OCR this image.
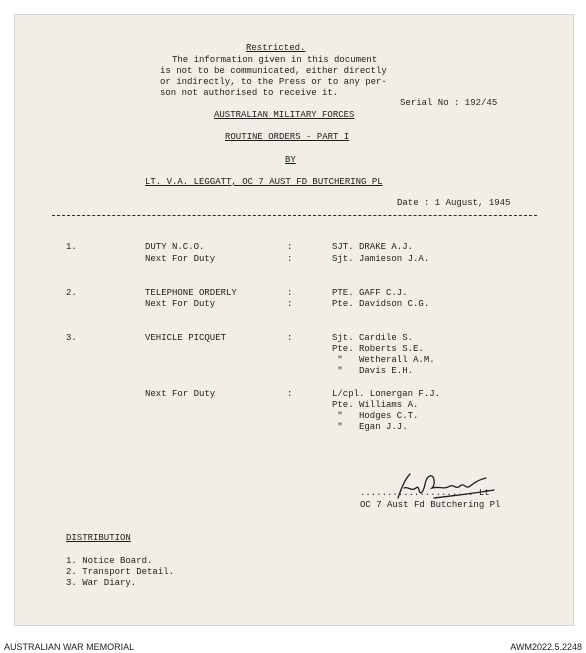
Restricted.
The information given in this document
is not to be communicated, either directly
or indirectly, to the Press or to any per-
son not authorised to receive it.
Serial No : 192/45
AUSTRALIAN MILITARY FORCES
ROUTINE ORDERS - PART I
BY
LT. V.A. LEGGATT, OC 7 AUST FD BUTCHERING PL
Date : 1 August, 1945
1.	DUTY N.C.O.	:	SJT. DRAKE A.J.
Next For Duty	:	Sjt. Jamieson J.A.
2.	TELEPHONE ORDERLY	:	PTE. GAFF C.J.
Next For Duty	:	Pte. Davidson C.G.
3.	VEHICLE PICQUET	:	Sjt. Cardile S.
Pte. Roberts S.E.
"   Wetherall A.M.
"   Davis E.H.
Next For Duty	:	L/cpl. Lonergan F.J.
Pte. Williams A.
"   Hodges C.T.
"   Egan J.J.
..................... Lt
OC 7 Aust Fd Butchering Pl
DISTRIBUTION
1. Notice Board.
2. Transport Detail.
3. War Diary.
AUSTRALIAN WAR MEMORIAL	AWM2022.5.2248
